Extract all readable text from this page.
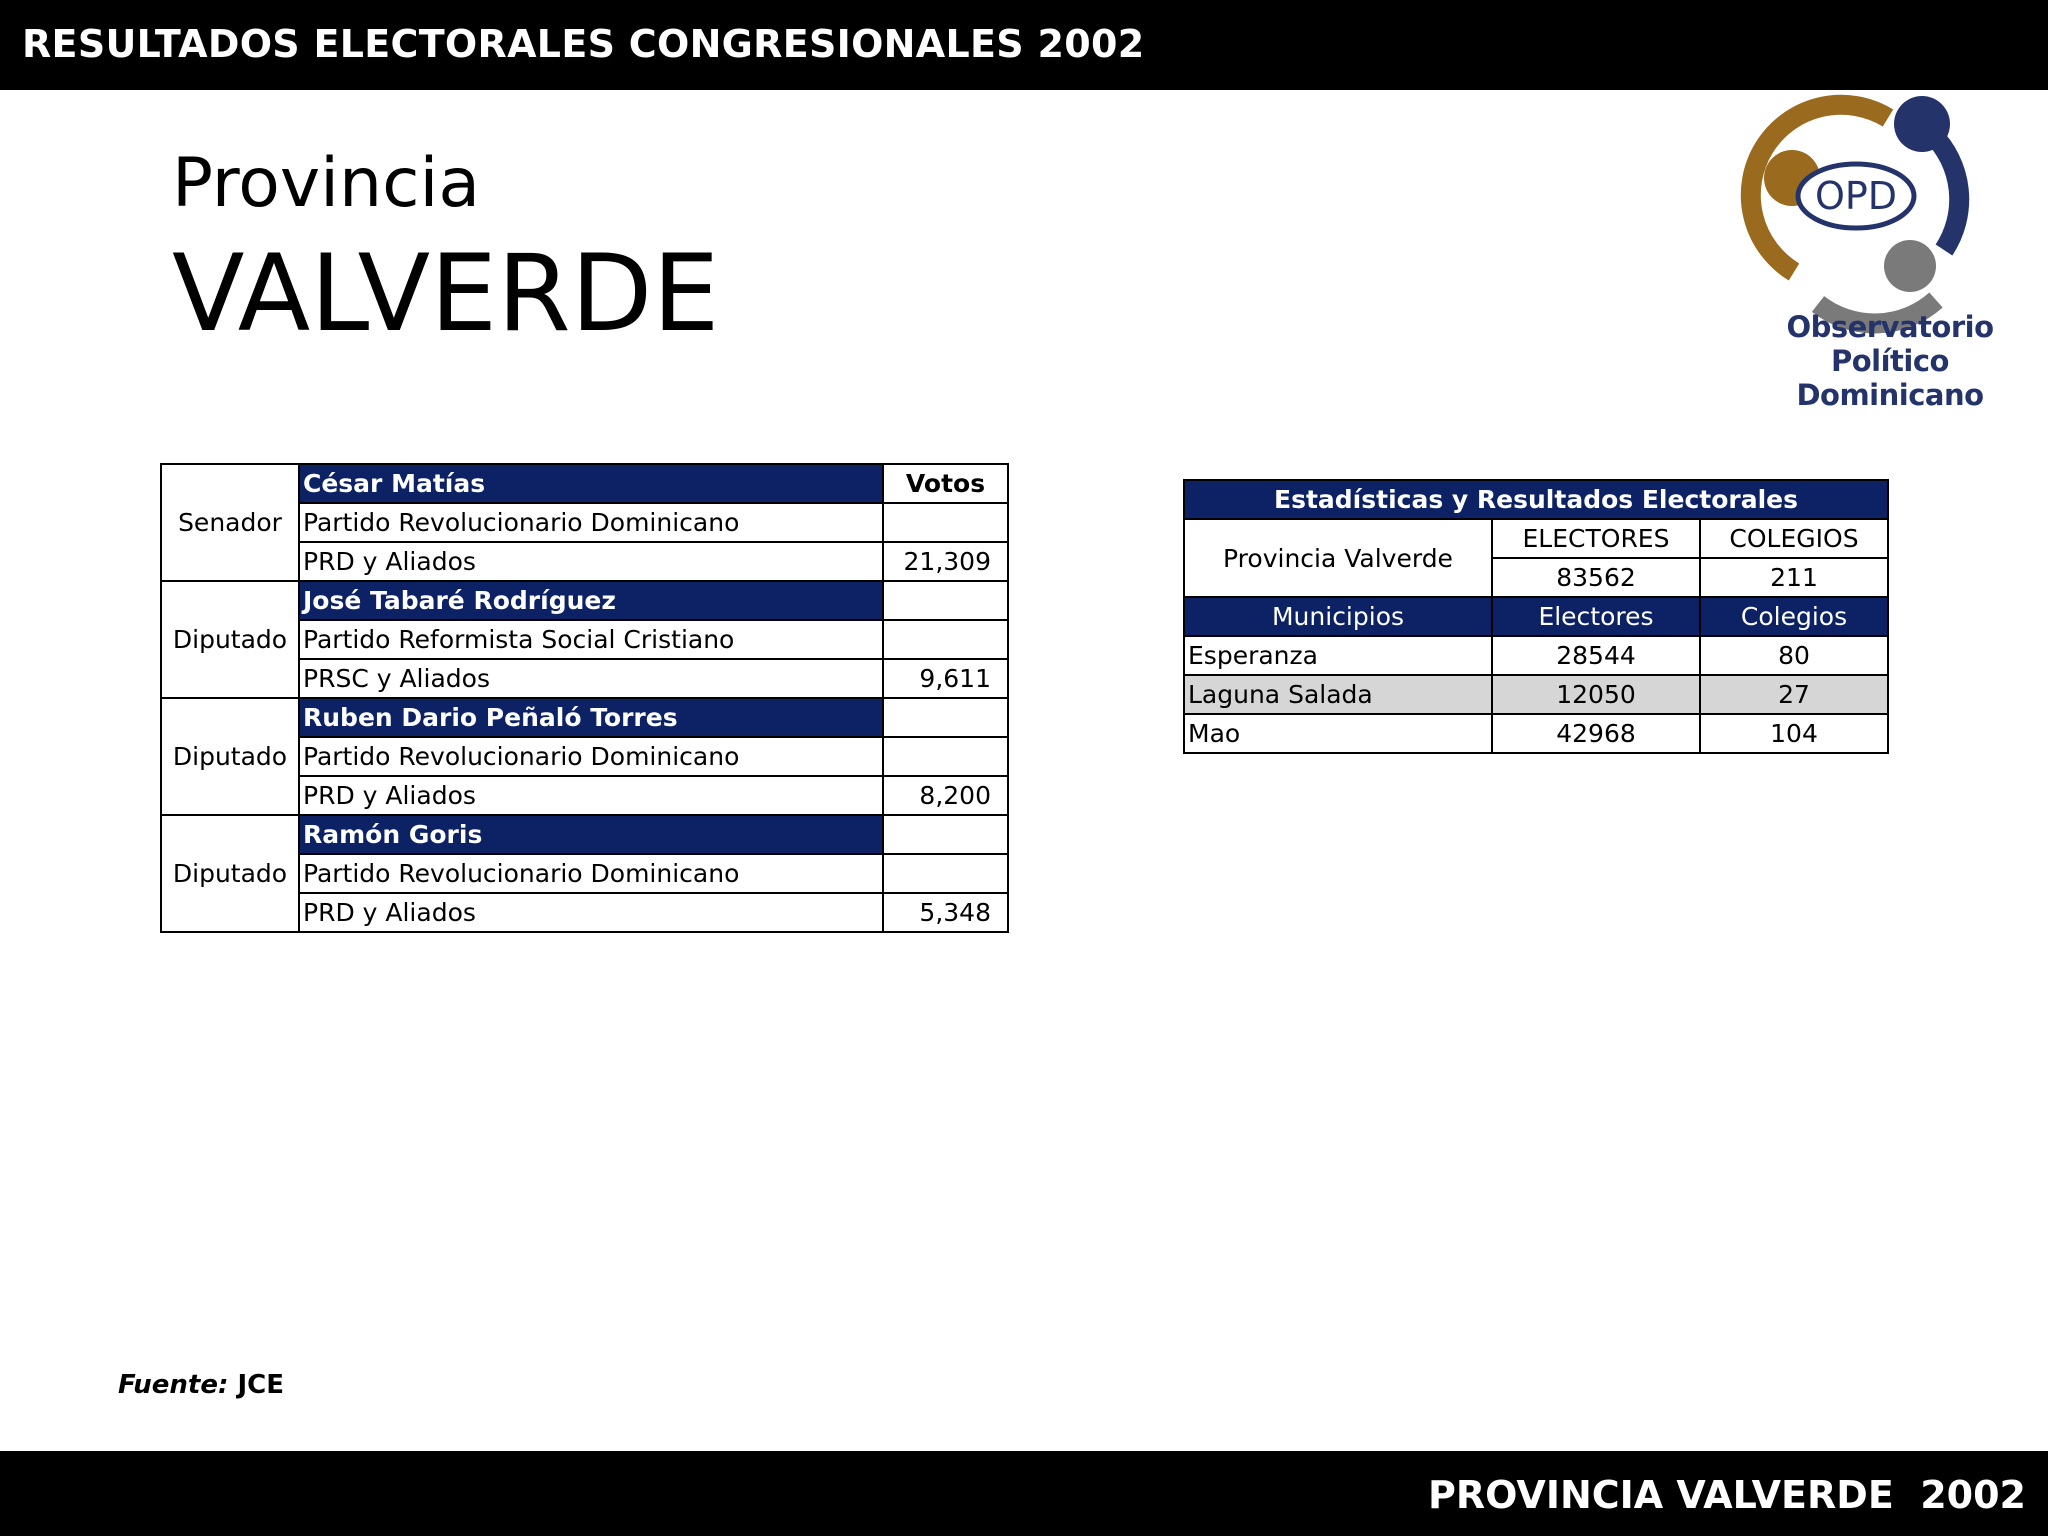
RESULTADOS ELECTORALES CONGRESIONALES 2002
Provincia
VALVERDE
OPD
Observatorio Político
Dominicano
Senador	César Matías	Votos
	Partido Revolucionario Dominicano	
	PRD y Aliados	21,309
Diputado	José Tabaré Rodríguez	
	Partido Reformista Social Cristiano	
	PRSC y Aliados	9,611
Diputado	Ruben Dario Peñaló Torres	
	Partido Revolucionario Dominicano	
	PRD y Aliados	8,200
Diputado	Ramón Goris	
	Partido Revolucionario Dominicano	
	PRD y Aliados	5,348
Estadísticas y Resultados Electorales		
Provincia Valverde	ELECTORES	COLEGIOS
	83562	211
Municipios	Electores	Colegios
Esperanza	28544	80
Laguna Salada	12050	27
Mao	42968	104
Fuente: JCE
PROVINCIA VALVERDE  2002
